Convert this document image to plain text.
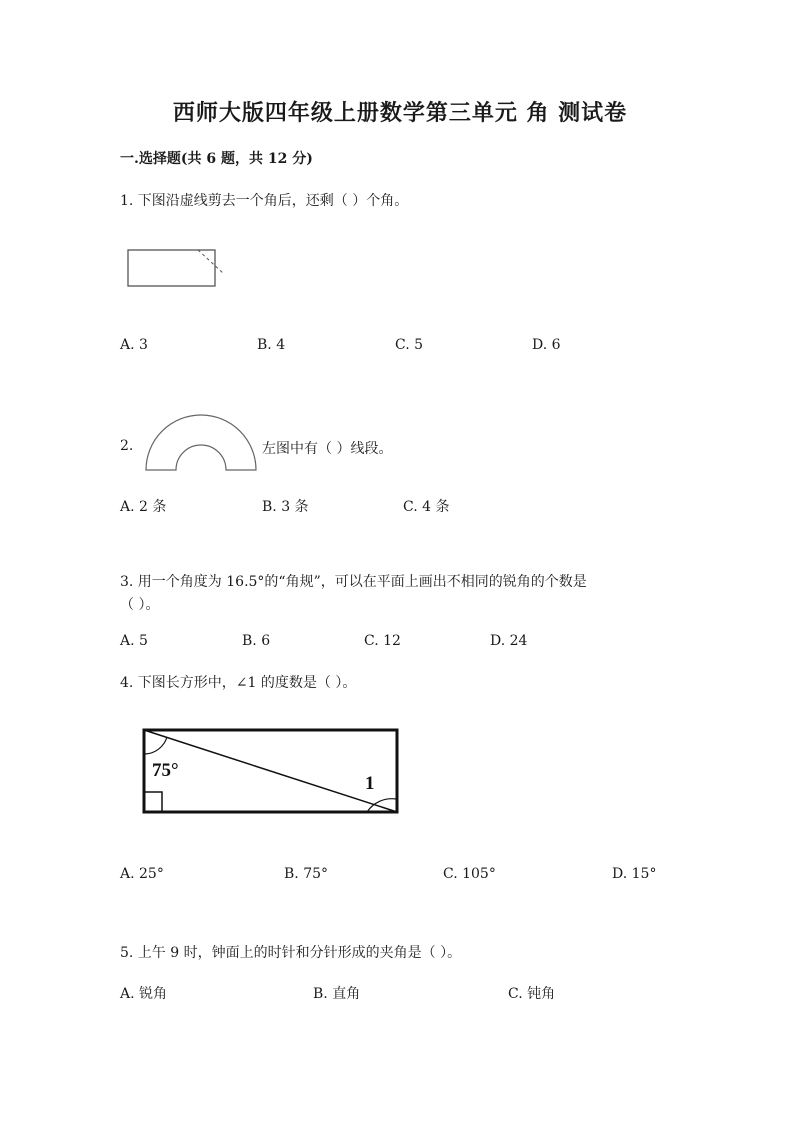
西师大版四年级上册数学第三单元 角 测试卷
一.选择题(共 6 题，共 12 分)
1. 下图沿虚线剪去一个角后，还剩（ ）个角。
A. 3	B. 4	C. 5	D. 6
2.	左图中有（ ）线段。
A. 2 条	B. 3 条	C. 4 条
3. 用一个角度为 16.5°的“角规”，可以在平面上画出不相同的锐角的个数是
（ ）。
A. 5	B. 6	C. 12	D. 24
4. 下图长方形中，∠1 的度数是（ ）。
75°
1
A. 25°	B. 75°	C. 105°	D. 15°
5. 上午 9 时，钟面上的时针和分针形成的夹角是（ ）。
A. 锐角	B. 直角	C. 钝角
